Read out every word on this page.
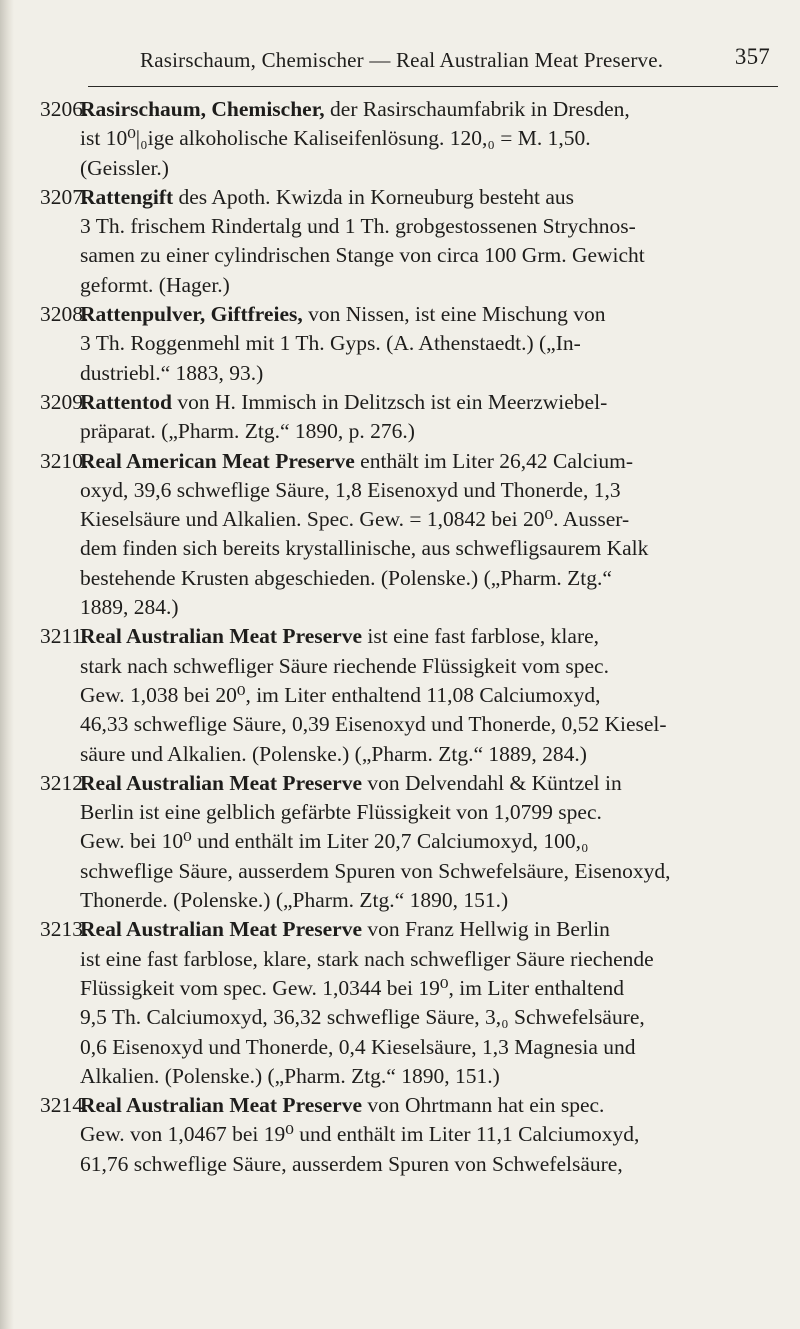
Rasirschaum, Chemischer — Real Australian Meat Preserve.	357

3206.
Rasirschaum, Chemischer, der Rasirschaumfabrik in Dresden,
ist 10⁰|₀ige alkoholische Kaliseifenlösung. 120,₀ = M. 1,50.
(Geissler.)

3207.
Rattengift des Apoth. Kwizda in Korneuburg besteht aus
3 Th. frischem Rindertalg und 1 Th. grobgestossenen Strychnos-
samen zu einer cylindrischen Stange von circa 100 Grm. Gewicht
geformt. (Hager.)

3208.
Rattenpulver, Giftfreies, von Nissen, ist eine Mischung von
3 Th. Roggenmehl mit 1 Th. Gyps. (A. Athenstaedt.) („In-
dustriebl.“ 1883, 93.)

3209.
Rattentod von H. Immisch in Delitzsch ist ein Meerzwiebel-
präparat. („Pharm. Ztg.“ 1890, p. 276.)

3210.
Real American Meat Preserve enthält im Liter 26,42 Calcium-
oxyd, 39,6 schweflige Säure, 1,8 Eisenoxyd und Thonerde, 1,3
Kieselsäure und Alkalien. Spec. Gew. = 1,0842 bei 20⁰. Ausser-
dem finden sich bereits krystallinische, aus schwefligsaurem Kalk
bestehende Krusten abgeschieden. (Polenske.) („Pharm. Ztg.“
1889, 284.)

3211.
Real Australian Meat Preserve ist eine fast farblose, klare,
stark nach schwefliger Säure riechende Flüssigkeit vom spec.
Gew. 1,038 bei 20⁰, im Liter enthaltend 11,08 Calciumoxyd,
46,33 schweflige Säure, 0,39 Eisenoxyd und Thonerde, 0,52 Kiesel-
säure und Alkalien. (Polenske.) („Pharm. Ztg.“ 1889, 284.)

3212.
Real Australian Meat Preserve von Delvendahl & Küntzel in
Berlin ist eine gelblich gefärbte Flüssigkeit von 1,0799 spec.
Gew. bei 10⁰ und enthält im Liter 20,7 Calciumoxyd, 100,₀
schweflige Säure, ausserdem Spuren von Schwefelsäure, Eisenoxyd,
Thonerde. (Polenske.) („Pharm. Ztg.“ 1890, 151.)

3213.
Real Australian Meat Preserve von Franz Hellwig in Berlin
ist eine fast farblose, klare, stark nach schwefliger Säure riechende
Flüssigkeit vom spec. Gew. 1,0344 bei 19⁰, im Liter enthaltend
9,5 Th. Calciumoxyd, 36,32 schweflige Säure, 3,₀ Schwefelsäure,
0,6 Eisenoxyd und Thonerde, 0,4 Kieselsäure, 1,3 Magnesia und
Alkalien. (Polenske.) („Pharm. Ztg.“ 1890, 151.)

3214.
Real Australian Meat Preserve von Ohrtmann hat ein spec.
Gew. von 1,0467 bei 19⁰ und enthält im Liter 11,1 Calciumoxyd,
61,76 schweflige Säure, ausserdem Spuren von Schwefelsäure,
